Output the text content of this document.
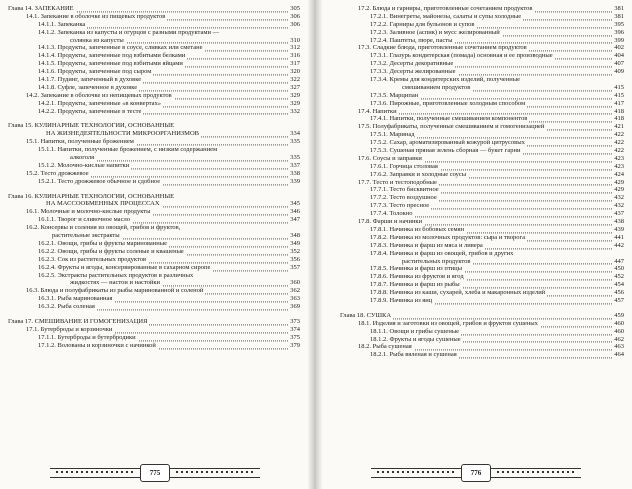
Глава 14. ЗАПЕКАНИЕ	305
14.1. Запекание в оболочке из пищевых продуктов	306
14.1.1. Запеканка	306
14.1.2. Запеканка из капусты и огурцов с разными продуктами —
солянка из капусты	310
14.1.3. Продукты, запеченные в соусе, сливках или сметане	312
14.1.4. Продукты, запеченные под взбитыми белками	316
14.1.5. Продукты, запеченные под взбитыми яйцами	317
14.1.6. Продукты, запеченные под сыром	320
14.1.7. Пудинг, запеченный в духовке	322
14.1.8. Суфле, запеченное в духовке	327
14.2. Запекание в оболочке из непищевых продуктов	329
14.2.1. Продукты, запеченные «в конвертах»	329
14.2.2. Продукты, запеченные в тесте	332
Глава 15. КУЛИНАРНЫЕ ТЕХНОЛОГИИ, ОСНОВАННЫЕ
НА ЖИЗНЕДЕЯТЕЛЬНОСТИ МИКРООРГАНИЗМОВ	334
15.1. Напитки, полученные брожением	335
15.1.1. Напитки, полученные брожением, с низким содержанием
алкоголя	335
15.1.2. Молочно-кислые напитки	337
15.2. Тесто дрожжевое	338
15.2.1. Тесто дрожжевое обычное и сдобное	339
Глава 16. КУЛИНАРНЫЕ ТЕХНОЛОГИИ, ОСНОВАННЫЕ
НА МАССООБМЕННЫХ ПРОЦЕССАХ	345
16.1. Молочные и молочно-кислые продукты	346
16.1.1. Творог и сливочное масло	347
16.2. Консервы и соления из овощей, грибов и фруктов,
растительные экстракты	348
16.2.1. Овощи, грибы и фрукты маринованные	349
16.2.2. Овощи, грибы и фрукты соленые и квашеные	352
16.2.3. Сок из растительных продуктов	356
16.2.4. Фрукты и ягоды, консервированные в сахарном сиропе	357
16.2.5. Экстракты растительных продуктов в различных
жидкостях — настои и настойки	360
16.3. Блюда и полуфабрикаты из рыбы маринованной и соленой	362
16.3.1. Рыба маринованная	363
16.3.2. Рыба соленая	369
Глава 17. СМЕШИВАНИЕ И ГОМОГЕНИЗАЦИЯ	373
17.1. Бутерброды и корзиночки	374
17.1.1. Бутерброды и бутербродики	375
17.1.2. Волованы и корзиночки с начинкой	379
775
17.2. Блюда и гарниры, приготовленные сочетанием продуктов	381
17.2.1. Винегреты, майонезы, салаты и супы холодные	381
17.2.2. Гарниры для бульонов и супов	395
17.2.3. Заливное (аспик) и мусс желированный	396
17.2.4. Паштеты, пюре, пасты	399
17.3. Сладкие блюда, приготовленные сочетанием продуктов	402
17.3.1. Глазурь кондитерская (помада) основная и ее производные	404
17.3.2. Десерты декоративные	407
17.3.3. Десерты желированные	409
17.3.4. Кремы для кондитерских изделий, полученные
смешиванием продуктов	415
17.3.5. Марципан	415
17.3.6. Пирожные, приготовленные холодным способом	417
17.4. Напитки	418
17.4.1. Напитки, полученные смешиванием компонентов	418
17.5. Полуфабрикаты, полученные смешиванием и гомогенизацией	421
17.5.1. Маринад	422
17.5.2. Сахар, ароматизированный кожурой цитрусовых	422
17.5.3. Сушеная пряная зелень сборная — букет гарни	422
17.6. Соусы и заправки	423
17.6.1. Горчица столовая	423
17.6.2. Заправки и холодные соусы	424
17.7. Тесто и тестоподобные	429
17.7.1. Тесто бисквитное	429
17.7.2. Тесто воздушное	432
17.7.3. Тесто пресное	432
17.7.4. Толокно	437
17.8. Фарши и начинки	438
17.8.1. Начинка из бобовых семян	439
17.8.2. Начинка из молочных продуктов: сыра и творога	441
17.8.3. Начинка и фарш из мяса и ливера	442
17.8.4. Начинка и фарш из овощей, грибов и других
растительных продуктов	447
17.8.5. Начинка и фарш из птицы	450
17.8.6. Начинка из фруктов и ягод	452
17.8.7. Начинка и фарш из рыбы	454
17.8.8. Начинка из каши, сухарей, хлеба и макаронных изделий	456
17.8.9. Начинка из яиц	457
Глава 18. СУШКА	459
18.1. Изделия и заготовки из овощей, грибов и фруктов сушеных	460
18.1.1. Овощи и грибы сушеные	460
18.1.2. Фрукты и ягоды сушеные	462
18.2. Рыба сушеная	463
18.2.1. Рыба вяленая и сушеная	464
776
